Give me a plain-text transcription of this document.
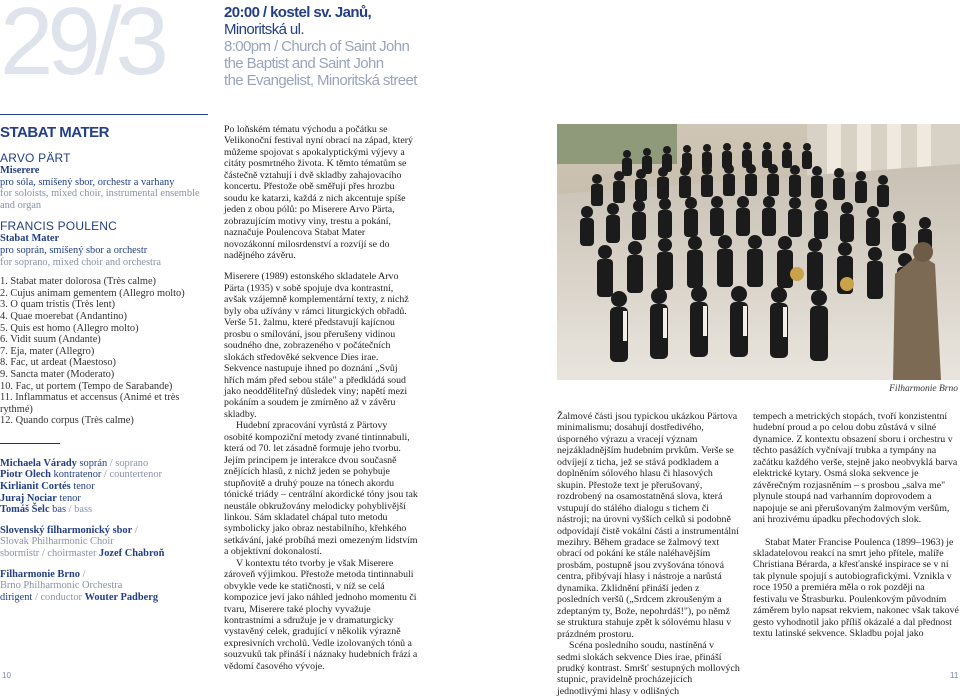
29/3	20:00 / kostel sv. Janů, Minoritská ul.
8:00pm / Church of Saint John
the Baptist and Saint John
the Evangelist, Minoritská street
STABAT MATER
ARVO PÄRT
Miserere
pro sóla, smíšený sbor, orchestr a varhany
for soloists, mixed choir, instrumental ensemble and organ
FRANCIS POULENC
Stabat Mater
pro soprán, smíšený sbor a orchestr
for soprano, mixed choir and orchestra
1. Stabat mater dolorosa (Très calme)
2. Cujus animam gementem (Allegro molto)
3. O quam tristis (Très lent)
4. Quae moerebat (Andantino)
5. Quis est homo (Allegro molto)
6. Vidit suum (Andante)
7. Eja, mater (Allegro)
8. Fac, ut ardeat (Maestoso)
9. Sancta mater (Moderato)
10. Fac, ut portem (Tempo de Sarabande)
11. Inflammatus et accensus (Animé et très rythmé)
12. Quando corpus (Très calme)
Michaela Várady soprán / soprano
Piotr Olech kontratenor / countertenor
Kirlianit Cortés tenor
Juraj Nociar tenor
Tomáš Šelc bas / bass
Slovenský filharmonický sbor /
Slovak Philharmonic Choir
sbormistr / choirmaster Jozef Chabroň
Filharmonie Brno /
Brno Philharmonic Orchestra
dirigent / conductor Wouter Padberg

Po loňském tématu východu a počátku se Velikonoční festival nyní obrací na západ, který můžeme spojovat s apokalyptickými výjevy a citáty posmrtného života. K těmto tématům se částečně vztahují i dvě skladby zahajovacího koncertu. Přestože obě směřují přes hrozbu soudu ke katarzi, každá z nich akcentuje spíše jeden z obou pólů: po Miserere Arvo Pärta, zobrazujícím motivy viny, trestu a pokání, naznačuje Poulencova Stabat Mater novozákonní milosrdenství a rozvíjí se do nadějného závěru.

Miserere (1989) estonského skladatele Arvo Pärta (1935) v sobě spojuje dva kontrastní, avšak vzájemně komplementární texty, z nichž byly oba užívány v rámci liturgických obřadů. Verše 51. žalmu, které představují kajícnou prosbu o smilování, jsou přerušeny vidinou soudného dne, zobrazeného v počátečních slokách středověké sekvence Dies irae. Sekvence nastupuje ihned po doznání „Svůj hřích mám před sebou stále" a předkládá soud jako neodděliteľný důsledek viny; napětí mezi pokáním a soudem je zmírněno až v závěru skladby.

Hudební zpracování vyrůstá z Pärtovy osobité kompoziční metody zvané tintinnabuli, která od 70. let zásadně formuje jeho tvorbu. Jejím principem je interakce dvou současně znějících hlasů, z nichž jeden se pohybuje stupňovitě a druhý pouze na tónech akordu tónické triády – centrální akordické tóny jsou tak neustále obkružovány melodicky pohyblivější linkou. Sám skladatel chápal tuto metodu symbolicky jako obraz nestabilního, křehkého setkávání, jaké probíhá mezi omezeným lidstvím a objektivní dokonalostí.

V kontextu této tvorby je však Miserere zároveň výjimkou. Přestože metoda tintinnabuli obvykle vede ke statičnosti, v níž se celá kompozice jeví jako náhled jednoho momentu či tvaru, Miserere také plochy vyvažuje kontrastními a sdružuje je v dramaturgicky vystavěný celek, gradující v několik výrazně expresivních vrcholů. Vedle izolovaných tónů a souzvuků tak přináší i náznaky hudebních frází a vědomí časového vývoje.

Filharmonie Brno

Žalmové části jsou typickou ukázkou Pärtova minimalismu; dosahují dostředivého, úsporného výrazu a vracejí význam nejzákladnějším hudebním prvkům. Verše se odvíjejí z ticha, jež se stává podkladem a doplněním sólového hlasu či hlasových skupin. Přestože text je přerušovaný, rozdrobený na osamostatněná slova, která vstupují do stálého dialogu s tichem či nástroji; na úrovni vyšších celků si podobně odpovídají čistě vokální části a instrumentální mezihry. Během gradace se žalmový text obrací od pokání ke stále naléhavějším prosbám, postupně jsou zvyšována tónová centra, přibývají hlasy i nástroje a narůstá dynamika. Zklidnění přináší jeden z posledních veršů („Srdcem zkroušeným a zdeptaným ty, Bože, nepohrdáš!"), po němž se struktura stahuje zpět k sólovému hlasu v prázdném prostoru.

Scéna posledního soudu, nastíněná v sedmi slokách sekvence Dies irae, přináší prudký kontrast. Smršť sestupných mollových stupnic, pravidelně procházejících jednotlivými hlasy v odlišných

tempech a metrických stopách, tvoří konzistentní hudební proud a po celou dobu zůstává v silné dynamice. Z kontextu obsazení sboru i orchestru v těchto pasážích vyčnívají trubka a tympány na začátku každého verše, stejně jako neobvyklá barva elektrické kytary. Osmá sloka sekvence je závěrečným rozjasněním – s prosbou „salva me" plynule stoupá nad varhanním doprovodem a napojuje se ani přerušovaným žalmovým veršům, ani hrozivému úpadku přechodových slok.

Stabat Mater Francise Poulenca (1899–1963) je skladatelovou reakcí na smrt jeho přítele, malíře Christiana Bérarda, a křesťanské inspirace se v ní tak plynule spojují s autobiografickými. Vznikla v roce 1950 a premiéra měla o rok později na festivalu ve Štrasburku. Poulenkovým původním záměrem bylo napsat rekviem, nakonec však takové gesto vyhodnotil jako příliš okázalé a dal přednost textu latinské sekvence. Skladbu pojal jako

10	11
